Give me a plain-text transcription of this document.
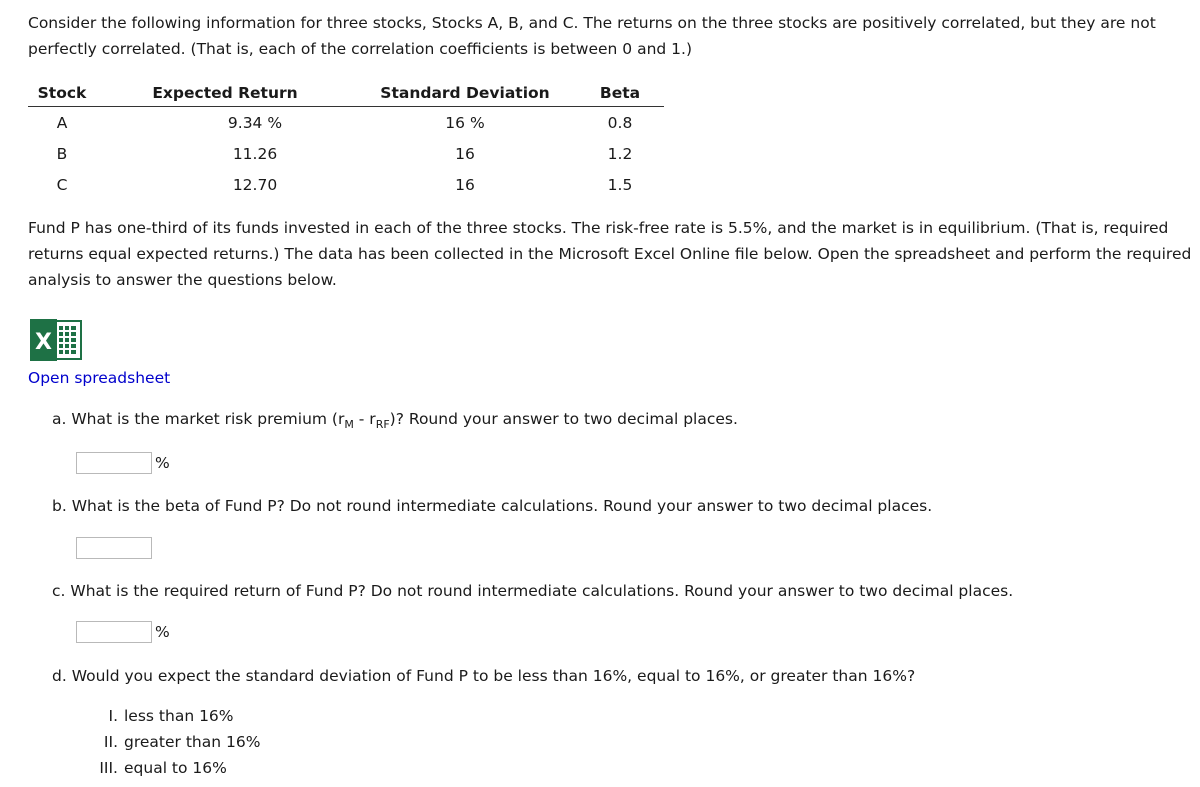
Consider the following information for three stocks, Stocks A, B, and C. The returns on the three stocks are positively correlated, but they are not perfectly correlated. (That is, each of the correlation coefficients is between 0 and 1.)

Stock	Expected Return	Standard Deviation	Beta
A	9.34 %	16 %	0.8
B	11.26	16	1.2
C	12.70	16	1.5

Fund P has one-third of its funds invested in each of the three stocks. The risk-free rate is 5.5%, and the market is in equilibrium. (That is, required returns equal expected returns.) The data has been collected in the Microsoft Excel Online file below. Open the spreadsheet and perform the required analysis to answer the questions below.

X
Open spreadsheet
a. What is the market risk premium $(r_M - r_{RF})$? Round your answer to two decimal places.
%
b. What is the beta of Fund P? Do not round intermediate calculations. Round your answer to two decimal places.
c. What is the required return of Fund P? Do not round intermediate calculations. Round your answer to two decimal places.
%
d. Would you expect the standard deviation of Fund P to be less than 16%, equal to 16%, or greater than 16%?
I. less than 16%
II. greater than 16%
III. equal to 16%
